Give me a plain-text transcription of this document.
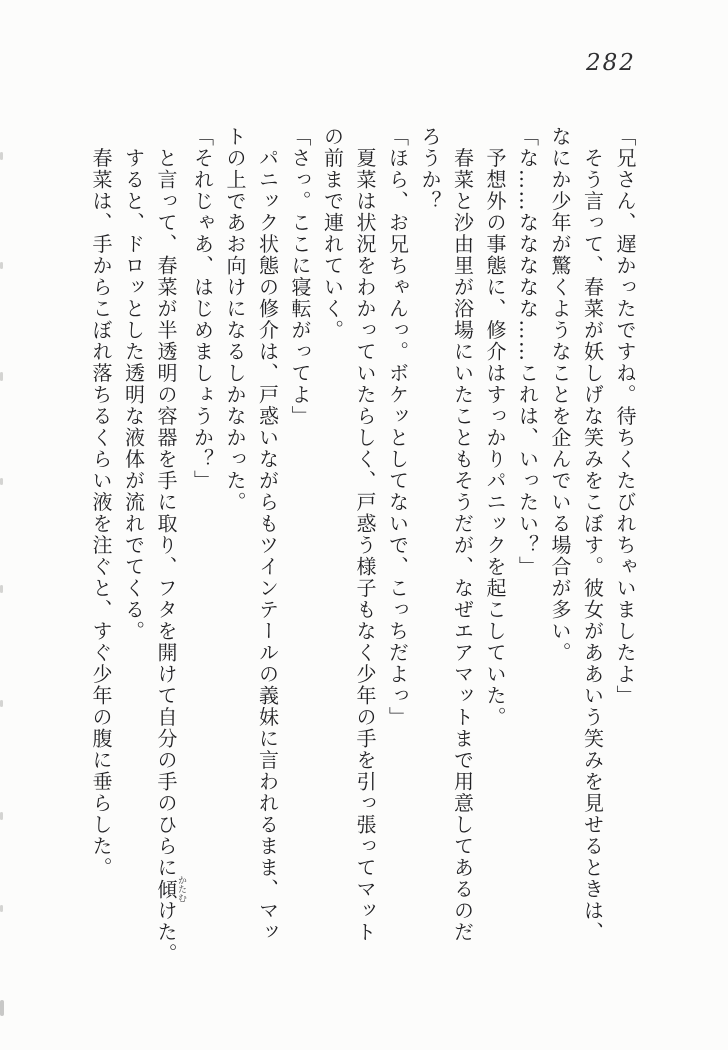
282

「兄さん、遅かったですね。待ちくたびれちゃいましたよ」

　そう言って、春菜が妖しげな笑みをこぼす。彼女がああいう笑みを見せるときは、

なにか少年が驚くようなことを企んでいる場合が多い。

「な……ななななな……これは、いったい？」

　予想外の事態に、修介はすっかりパニックを起こしていた。

　春菜と沙由里が浴場にいたこともそうだが、なぜエアマットまで用意してあるのだ

ろうか？

「ほら、お兄ちゃんっ。ボケッとしてないで、こっちだよっ」

　夏菜は状況をわかっていたらしく、戸惑う様子もなく少年の手を引っ張ってマット

の前まで連れていく。

「さっ。ここに寝転がってよ」

　パニック状態の修介は、戸惑いながらもツインテールの義妹に言われるまま、マッ

トの上であお向けになるしかなかった。

「それじゃあ、はじめましょうか？」

　と言って、春菜が半透明の容器を手に取り、フタを開けて自分の手のひらに傾かたむけた。

　すると、ドロッとした透明な液体が流れでてくる。

　春菜は、手からこぼれ落ちるくらい液を注ぐと、すぐ少年の腹に垂らした。
